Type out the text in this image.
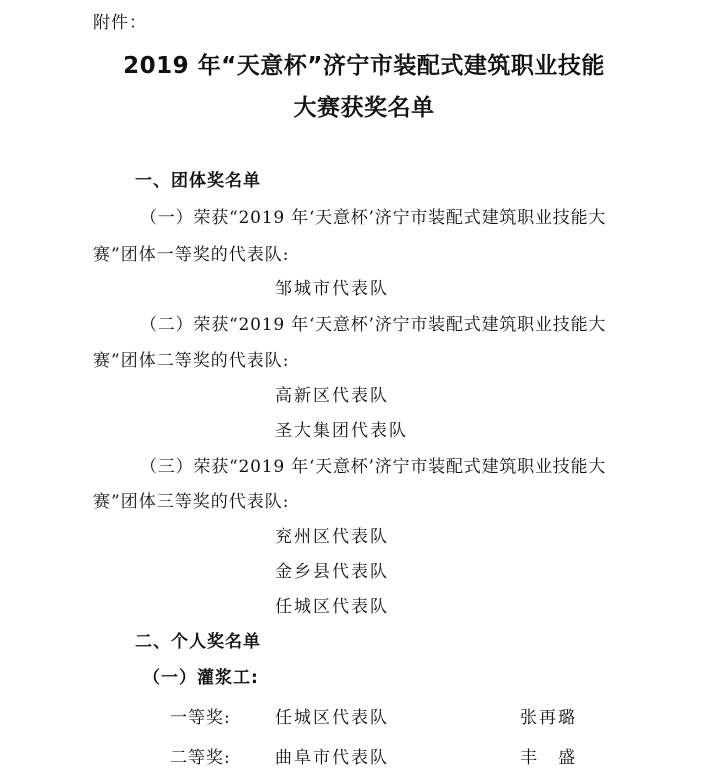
附件：
2019 年“天意杯”济宁市装配式建筑职业技能
大赛获奖名单
一、团体奖名单
（一）荣获“2019 年‘天意杯’济宁市装配式建筑职业技能大
赛”团体一等奖的代表队:
邹城市代表队
（二）荣获“2019 年‘天意杯’济宁市装配式建筑职业技能大
赛”团体二等奖的代表队:
高新区代表队
圣大集团代表队
（三）荣获“2019 年‘天意杯’济宁市装配式建筑职业技能大
赛”团体三等奖的代表队:
兖州区代表队
金乡县代表队
任城区代表队
二、个人奖名单
（一）灌浆工:
一等奖:	任城区代表队	张再璐
二等奖:	曲阜市代表队	丰　盛
